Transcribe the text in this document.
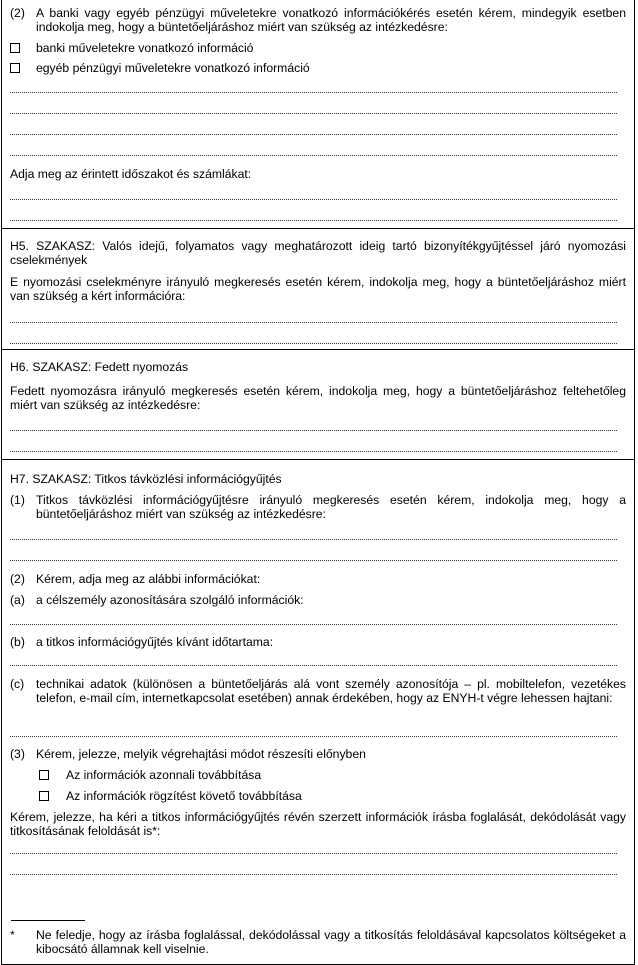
(2) A banki vagy egyéb pénzügyi műveletekre vonatkozó információkérés esetén kérem, mindegyik esetben indokolja meg, hogy a büntetőeljáráshoz miért van szükség az intézkedésre:
banki műveletekre vonatkozó információ
egyéb pénzügyi műveletekre vonatkozó információ
Adja meg az érintett időszakot és számlákat:
H5. SZAKASZ: Valós idejű, folyamatos vagy meghatározott ideig tartó bizonyítékgyűjtéssel járó nyomozási cselekmények
E nyomozási cselekményre irányuló megkeresés esetén kérem, indokolja meg, hogy a büntetőeljáráshoz miért van szükség a kért információra:
H6. SZAKASZ: Fedett nyomozás
Fedett nyomozásra irányuló megkeresés esetén kérem, indokolja meg, hogy a büntetőeljáráshoz feltehetőleg miért van szükség az intézkedésre:
H7. SZAKASZ: Titkos távközlési információgyűjtés
(1) Titkos távközlési információgyűjtésre irányuló megkeresés esetén kérem, indokolja meg, hogy a büntetőeljáráshoz miért van szükség az intézkedésre:
(2) Kérem, adja meg az alábbi információkat:
(a) a célszemély azonosítására szolgáló információk:
(b) a titkos információgyűjtés kívánt időtartama:
(c) technikai adatok (különösen a büntetőeljárás alá vont személy azonosítója – pl. mobiltelefon, vezetékes telefon, e-mail cím, internetkapcsolat esetében) annak érdekében, hogy az ENYH-t végre lehessen hajtani:
(3) Kérem, jelezze, melyik végrehajtási módot részesíti előnyben
Az információk azonnali továbbítása
Az információk rögzítést követő továbbítása
Kérem, jelezze, ha kéri a titkos információgyűjtés révén szerzett információk írásba foglalását, dekódolását vagy titkosításának feloldását is*:
* Ne feledje, hogy az írásba foglalással, dekódolással vagy a titkosítás feloldásával kapcsolatos költségeket a kibocsátó államnak kell viselnie.
